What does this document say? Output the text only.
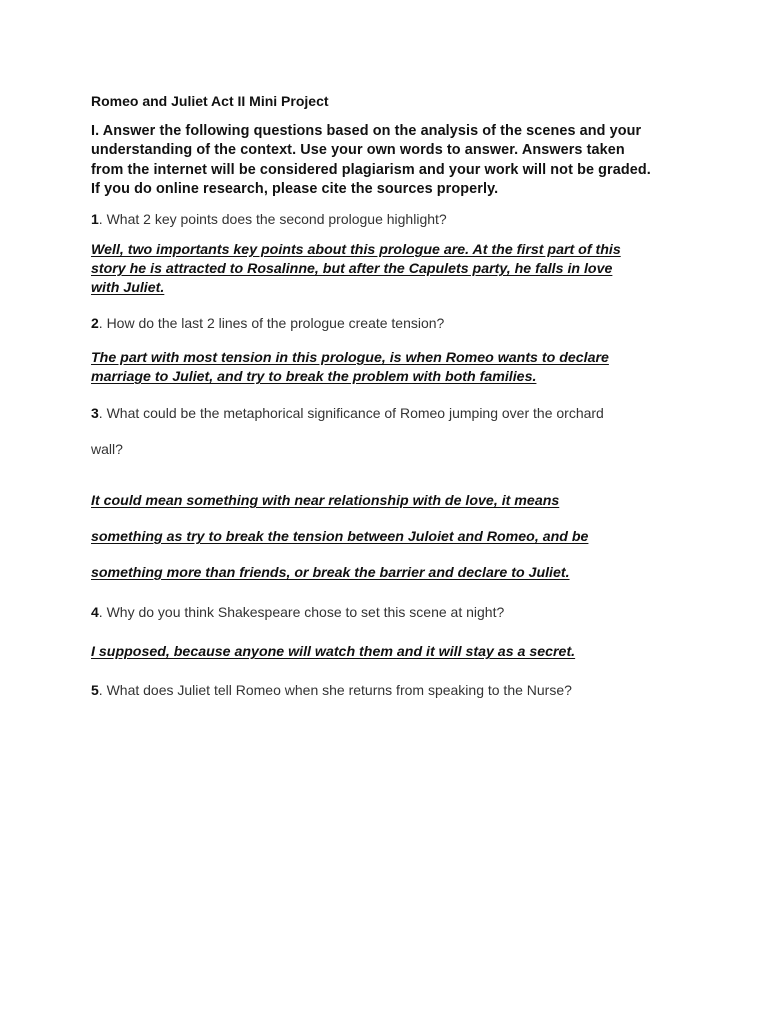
Romeo and Juliet Act II Mini Project

I. Answer the following questions based on the analysis of the scenes and your

understanding of the context. Use your own words to answer. Answers taken

from the internet will be considered plagiarism and your work will not be graded.

If you do online research, please cite the sources properly.

1. What 2 key points does the second prologue highlight?

Well, two importants key points about this prologue are. At the first part of this

story he is attracted to Rosalinne, but after the Capulets party, he falls in love

with Juliet.

2. How do the last 2 lines of the prologue create tension?

The part with most tension in this prologue, is when Romeo wants to declare

marriage to Juliet, and try to break the problem with both families.

3. What could be the metaphorical significance of Romeo jumping over the orchard

wall?

It could mean something with near relationship with de love, it means

something as try to break the tension between Juloiet and Romeo, and be

something more than friends, or break the barrier and declare to Juliet.

4. Why do you think Shakespeare chose to set this scene at night?

I supposed, because anyone will watch them and it will stay as a secret.

5. What does Juliet tell Romeo when she returns from speaking to the Nurse?
